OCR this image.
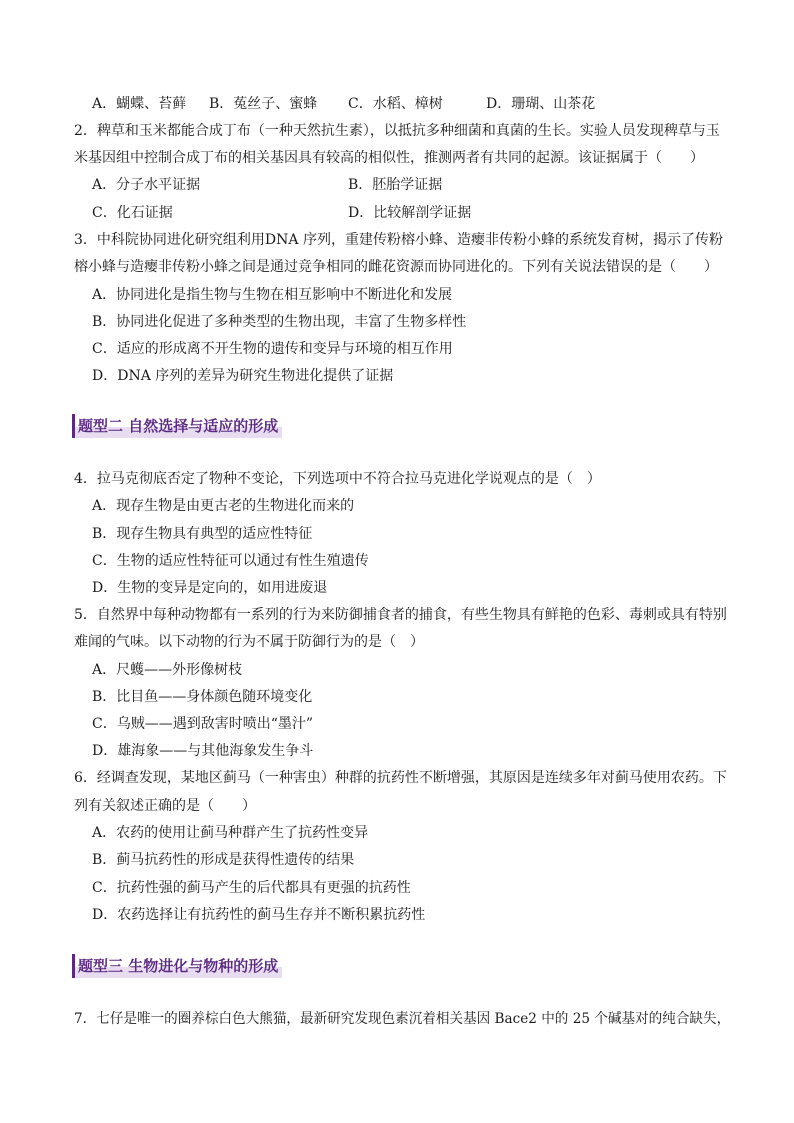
A．蝴蝶、苔藓 B．菟丝子、蜜蜂 C．水稻、樟树	D．珊瑚、山茶花
2．稗草和玉米都能合成丁布（一种天然抗生素），以抵抗多种细菌和真菌的生长。实验人员发现稗草与玉
米基因组中控制合成丁布的相关基因具有较高的相似性，推测两者有共同的起源。该证据属于（　　）
A．分子水平证据	B．胚胎学证据
C．化石证据	D．比较解剖学证据
3．中科院协同进化研究组利用DNA 序列，重建传粉榕小蜂、造瘿非传粉小蜂的系统发育树，揭示了传粉
榕小蜂与造瘿非传粉小蜂之间是通过竞争相同的雌花资源而协同进化的。下列有关说法错误的是（　　）
A．协同进化是指生物与生物在相互影响中不断进化和发展
B．协同进化促进了多种类型的生物出现，丰富了生物多样性
C．适应的形成离不开生物的遗传和变异与环境的相互作用
D．DNA 序列的差异为研究生物进化提供了证据
题型二 自然选择与适应的形成
4．拉马克彻底否定了物种不变论，下列选项中不符合拉马克进化学说观点的是（　）
A．现存生物是由更古老的生物进化而来的
B．现存生物具有典型的适应性特征
C．生物的适应性特征可以通过有性生殖遗传
D．生物的变异是定向的，如用进废退
5．自然界中每种动物都有一系列的行为来防御捕食者的捕食，有些生物具有鲜艳的色彩、毒刺或具有特别
难闻的气味。以下动物的行为不属于防御行为的是（　）
A．尺蠖——外形像树枝
B．比目鱼——身体颜色随环境变化
C．乌贼——遇到敌害时喷出“墨汁”
D．雄海象——与其他海象发生争斗
6．经调查发现，某地区蓟马（一种害虫）种群的抗药性不断增强，其原因是连续多年对蓟马使用农药。下
列有关叙述正确的是（　　）
A．农药的使用让蓟马种群产生了抗药性变异
B．蓟马抗药性的形成是获得性遗传的结果
C．抗药性强的蓟马产生的后代都具有更强的抗药性
D．农药选择让有抗药性的蓟马生存并不断积累抗药性
题型三 生物进化与物种的形成
7．七仔是唯一的圈养棕白色大熊猫，最新研究发现色素沉着相关基因 Bace2 中的 25 个碱基对的纯合缺失，
